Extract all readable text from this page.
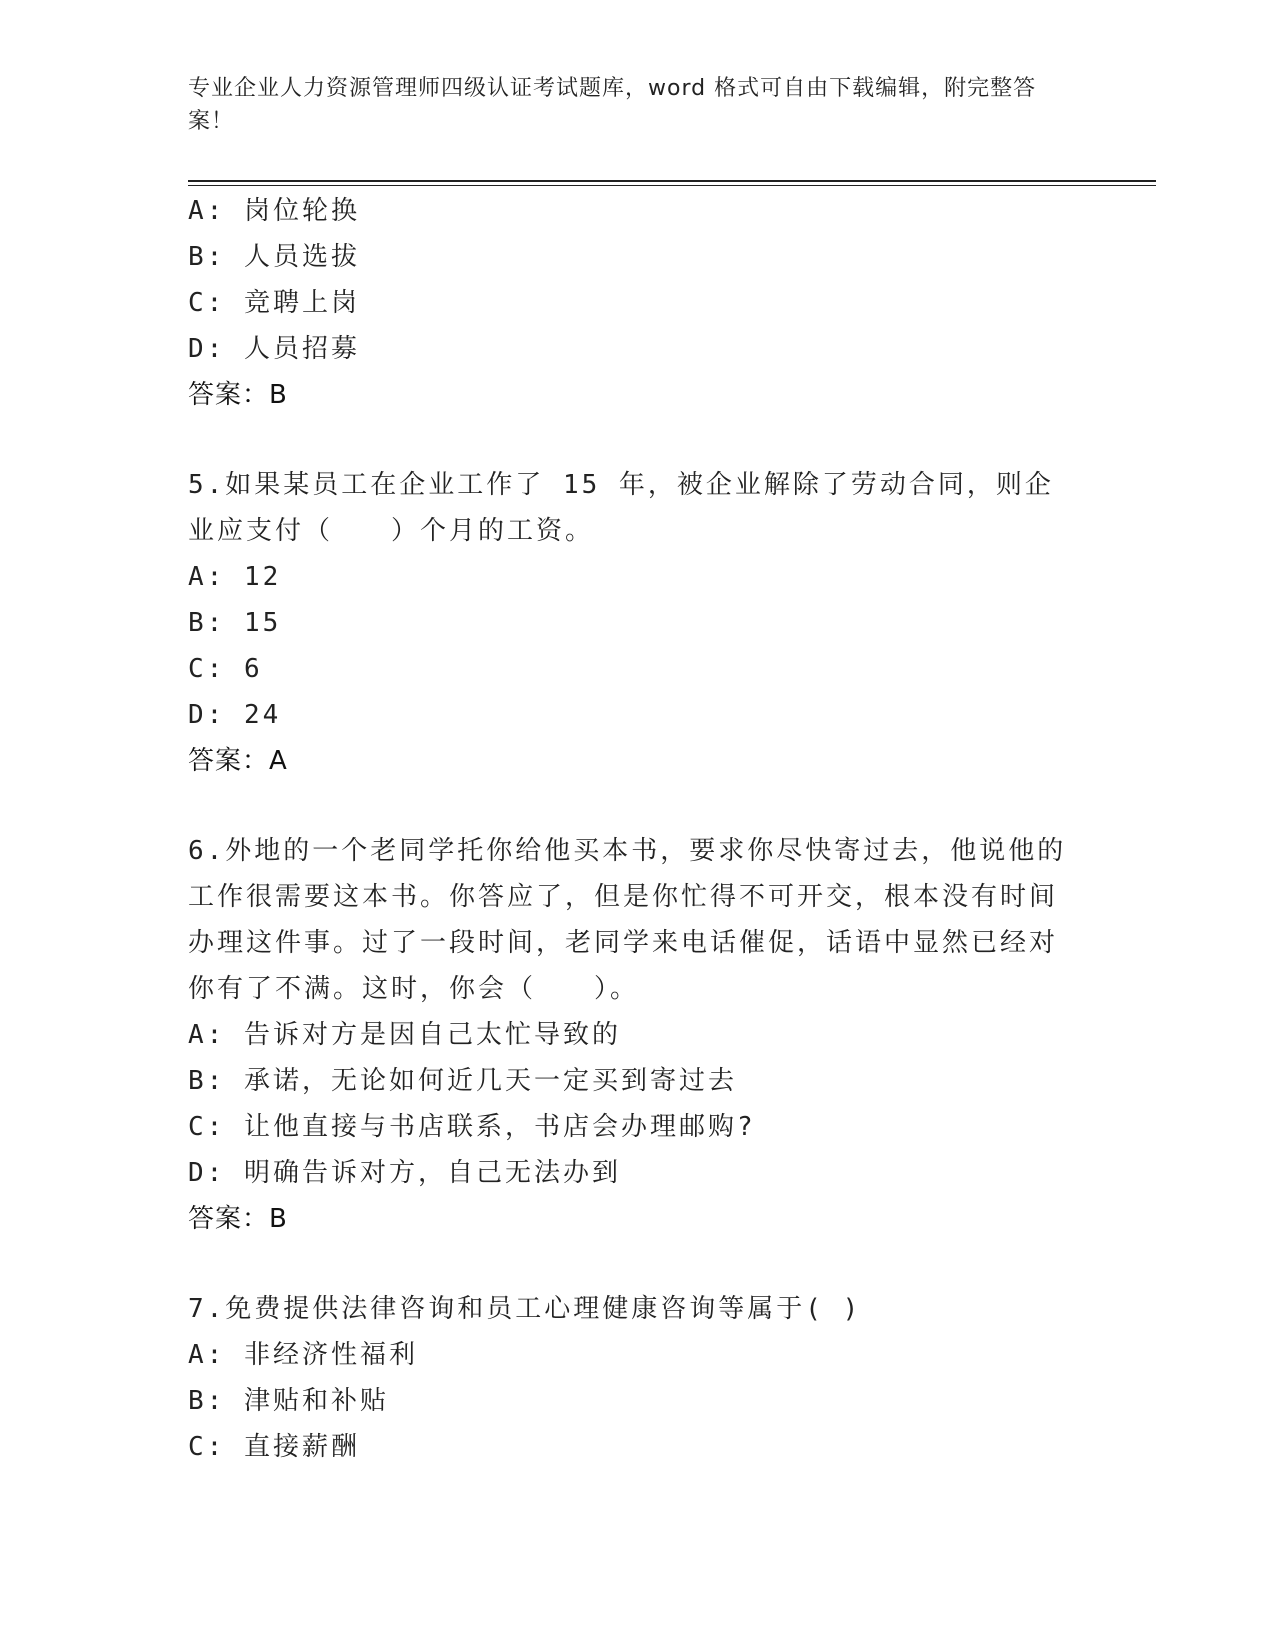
专业企业人力资源管理师四级认证考试题库，word 格式可自由下载编辑，附完整答案！
A: 岗位轮换
B: 人员选拔
C: 竞聘上岗
D: 人员招募
答案：B
5.如果某员工在企业工作了 15 年，被企业解除了劳动合同，则企业应支付（　　）个月的工资。
A: 12
B: 15
C: 6
D: 24
答案：A
6.外地的一个老同学托你给他买本书，要求你尽快寄过去，他说他的工作很需要这本书。你答应了，但是你忙得不可开交，根本没有时间办理这件事。过了一段时间，老同学来电话催促，话语中显然已经对你有了不满。这时，你会（　　）。
A: 告诉对方是因自己太忙导致的
B: 承诺，无论如何近几天一定买到寄过去
C: 让他直接与书店联系，书店会办理邮购?
D: 明确告诉对方，自己无法办到
答案：B
7.免费提供法律咨询和员工心理健康咨询等属于( )
A: 非经济性福利
B: 津贴和补贴
C: 直接薪酬
